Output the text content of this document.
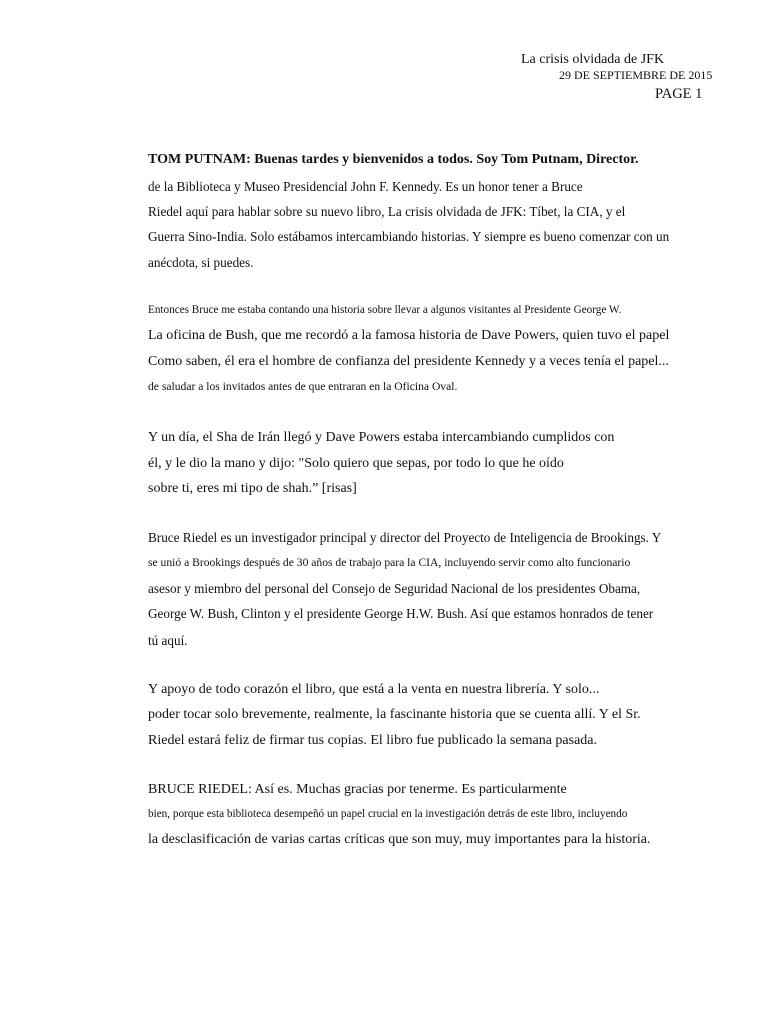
La crisis olvidada de JFK
29 DE SEPTIEMBRE DE 2015
PAGE 1
TOM PUTNAM: Buenas tardes y bienvenidos a todos. Soy Tom Putnam, Director.
de la Biblioteca y Museo Presidencial John F. Kennedy. Es un honor tener a Bruce
Riedel aquí para hablar sobre su nuevo libro, La crisis olvidada de JFK: Tíbet, la CIA, y el
Guerra Sino-India. Solo estábamos intercambiando historias. Y siempre es bueno comenzar con un
anécdota, si puedes.
Entonces Bruce me estaba contando una historia sobre llevar a algunos visitantes al Presidente George W.
La oficina de Bush, que me recordó a la famosa historia de Dave Powers, quien tuvo el papel
Como saben, él era el hombre de confianza del presidente Kennedy y a veces tenía el papel...
de saludar a los invitados antes de que entraran en la Oficina Oval.
Y un día, el Sha de Irán llegó y Dave Powers estaba intercambiando cumplidos con
él, y le dio la mano y dijo: "Solo quiero que sepas, por todo lo que he oído
sobre ti, eres mi tipo de shah.” [risas]
Bruce Riedel es un investigador principal y director del Proyecto de Inteligencia de Brookings. Y
se unió a Brookings después de 30 años de trabajo para la CIA, incluyendo servir como alto funcionario
asesor y miembro del personal del Consejo de Seguridad Nacional de los presidentes Obama,
George W. Bush, Clinton y el presidente George H.W. Bush. Así que estamos honrados de tener
tú aquí.
Y apoyo de todo corazón el libro, que está a la venta en nuestra librería. Y solo...
poder tocar solo brevemente, realmente, la fascinante historia que se cuenta allí. Y el Sr.
Riedel estará feliz de firmar tus copias. El libro fue publicado la semana pasada.
BRUCE RIEDEL: Así es. Muchas gracias por tenerme. Es particularmente
bien, porque esta biblioteca desempeñó un papel crucial en la investigación detrás de este libro, incluyendo
la desclasificación de varias cartas críticas que son muy, muy importantes para la historia.
